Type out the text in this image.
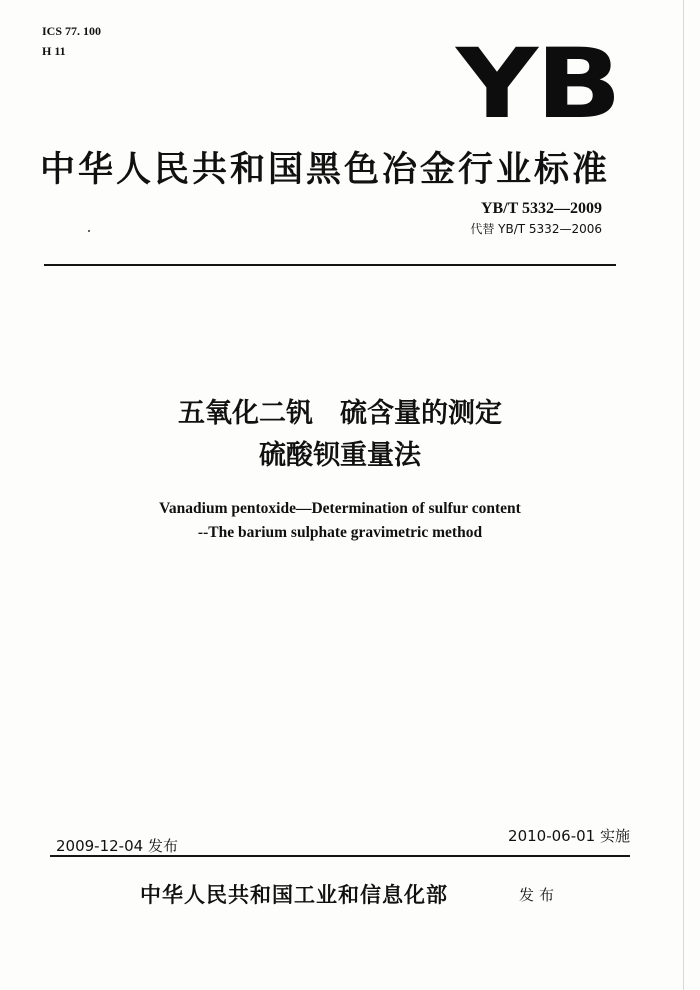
ICS 77. 100
H 11	YB
中华人民共和国黑色冶金行业标准
YB/T 5332—2009
代替 YB/T 5332—2006
五氧化二钒　硫含量的测定
硫酸钡重量法
Vanadium pentoxide—Determination of sulfur content
--The barium sulphate gravimetric method
2009-12-04 发布
2010-06-01 实施
中华人民共和国工业和信息化部	发布
